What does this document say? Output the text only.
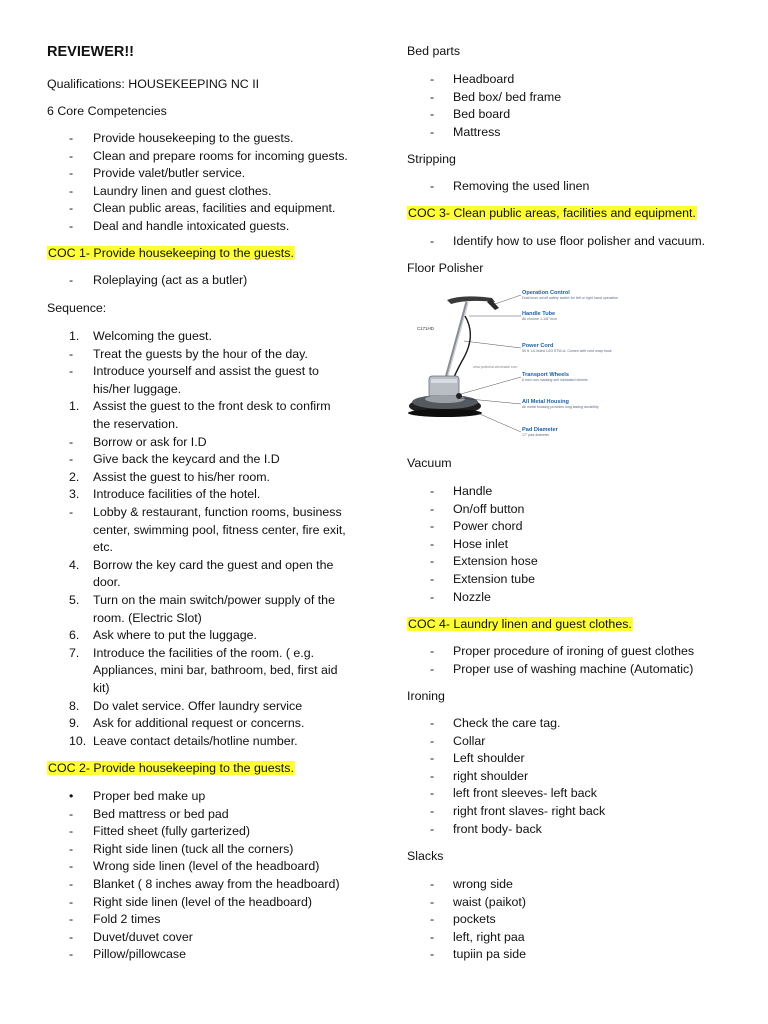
REVIEWER!!
Qualifications: HOUSEKEEPING NC II
6 Core Competencies
- Provide housekeeping to the guests.
- Clean and prepare rooms for incoming guests.
- Provide valet/butler service.
- Laundry linen and guest clothes.
- Clean public areas, facilities and equipment.
- Deal and handle intoxicated guests.
COC 1- Provide housekeeping to the guests.
- Roleplaying (act as a butler)
Sequence:
1. Welcoming the guest.
- Treat the guests by the hour of the day.
- Introduce yourself and assist the guest to
his/her luggage.
1. Assist the guest to the front desk to confirm
the reservation.
- Borrow or ask for I.D
- Give back the keycard and the I.D
2. Assist the guest to his/her room.
3. Introduce facilities of the hotel.
- Lobby & restaurant, function rooms, business
center, swimming pool, fitness center, fire exit,
etc.
4. Borrow the key card the guest and open the
door.
5. Turn on the main switch/power supply of the
room. (Electric Slot)
6. Ask where to put the luggage.
7. Introduce the facilities of the room. ( e.g.
Appliances, mini bar, bathroom, bed, first aid
kit)
8. Do valet service. Offer laundry service
9. Ask for additional request or concerns.
10. Leave contact details/hotline number.
COC 2- Provide housekeeping to the guests.
• Proper bed make up
- Bed mattress or bed pad
- Fitted sheet (fully garterized)
- Right side linen (tuck all the corners)
- Wrong side linen (level of the headboard)
- Blanket ( 8 inches away from the headboard)
- Right side linen (level of the headboard)
- Fold 2 times
- Duvet/duvet cover
- Pillow/pillowcase
Bed parts
- Headboard
- Bed box/ bed frame
- Bed board
- Mattress
Stripping
- Removing the used linen
COC 3- Clean public areas, facilities and equipment.
- Identify how to use floor polisher and vacuum.
Floor Polisher
Operation Control
Dual lever on/off safety switch for left or right hand operation
Handle Tube
All chrome 1-1/8" inch
Power Cord
50 ft. UL listed 14/3 STW-A. Comes with cord wrap hook
Transport Wheels
6 inch non marking self lubricated wheels
All Metal Housing
All metal housing provides long lasting durability
Pad Diameter
17" pad diameter
C171HD
www.janitorial-wholesale.com
Vacuum
- Handle
- On/off button
- Power chord
- Hose inlet
- Extension hose
- Extension tube
- Nozzle
COC 4- Laundry linen and guest clothes.
- Proper procedure of ironing of guest clothes
- Proper use of washing machine (Automatic)
Ironing
- Check the care tag.
- Collar
- Left shoulder
- right shoulder
- left front sleeves- left back
- right front slaves- right back
- front body- back
Slacks
- wrong side
- waist (paikot)
- pockets
- left, right paa
- tupiin pa side
